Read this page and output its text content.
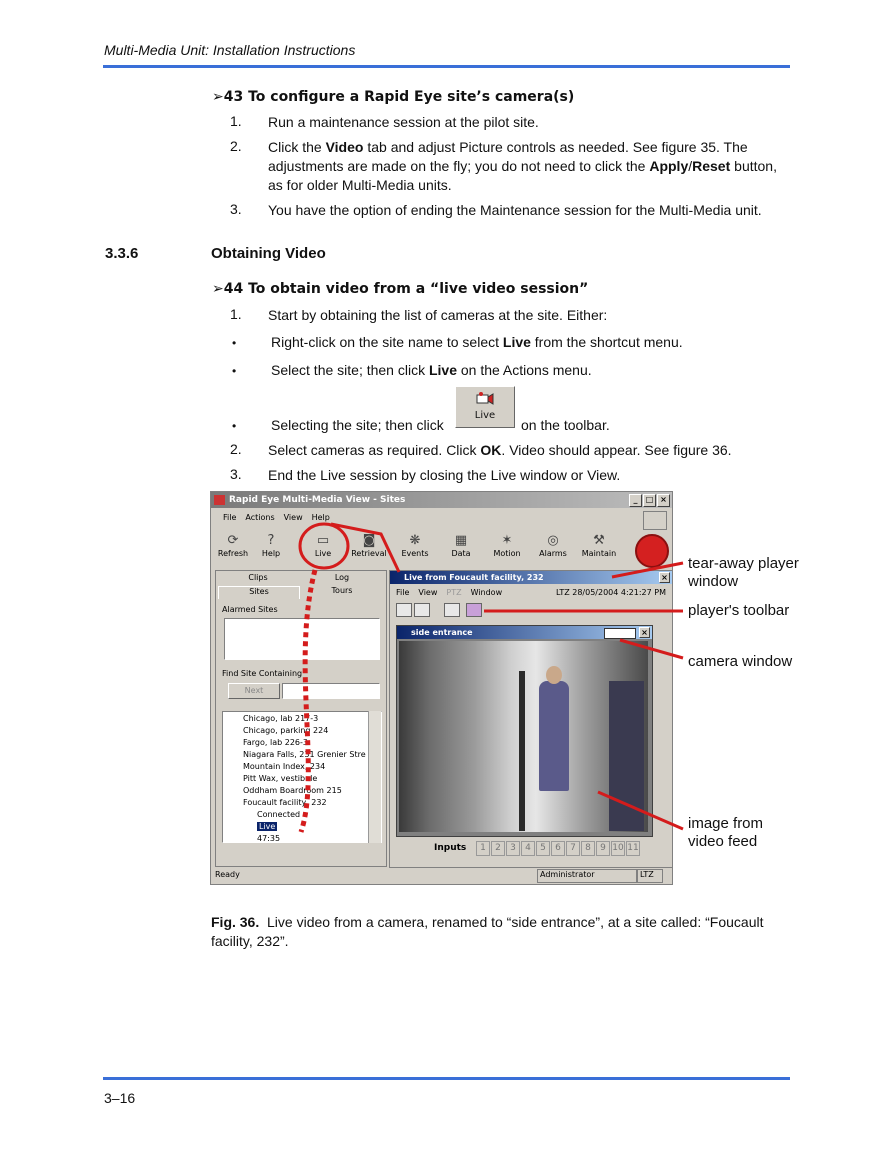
Multi-Media Unit: Installation Instructions
➢43 To configure a Rapid Eye site’s camera(s)
1. Run a maintenance session at the pilot site.
2. Click the Video tab and adjust Picture controls as needed. See figure 35. The adjustments are made on the fly; you do not need to click the Apply/Reset button, as for older Multi-Media units.
3. You have the option of ending the Maintenance session for the Multi-Media unit.
3.3.6	Obtaining Video
➢44 To obtain video from a “live video session”
1. Start by obtaining the list of cameras at the site. Either:
• Right-click on the site name to select Live from the shortcut menu.
• Select the site; then click Live on the Actions menu.
• Selecting the site; then click
Live
on the toolbar.
2. Select cameras as required. Click OK. Video should appear. See figure 36.
3. End the Live session by closing the Live window or View.
Rapid Eye Multi-Media View - Sites	_	□ ×
File Actions View Help
⟳
Refresh
?
Help
▭
Live
◙
Retrieval
❋
Events
▦
Data
✶
Motion
◎
Alarms
⚒
Maintain
Clips	Log
Sites	Tours
Alarmed Sites
Find Site Containing
Next
Chicago, lab 217-3
Chicago, parking 224
Fargo, lab 226-3
Niagara Falls, 231 Grenier Stre
Mountain Index, 234
Pitt Wax, vestibule
Oddham Boardroom 215
Foucault facility, 232
Connected
Live
47:35
Live from Foucault facility, 232	×
File View PTZ Window	LTZ 28/05/2004 4:21:27 PM
side entrance	×
Inputs	1 2 3 4 5 6 7 8 9 10 11
Ready	Administrator	LTZ
tear-away player
window
player's toolbar
camera window
image from
video feed
Fig. 36. Live video from a camera, renamed to “side entrance”, at a site called: “Foucault facility, 232”.
3–16
